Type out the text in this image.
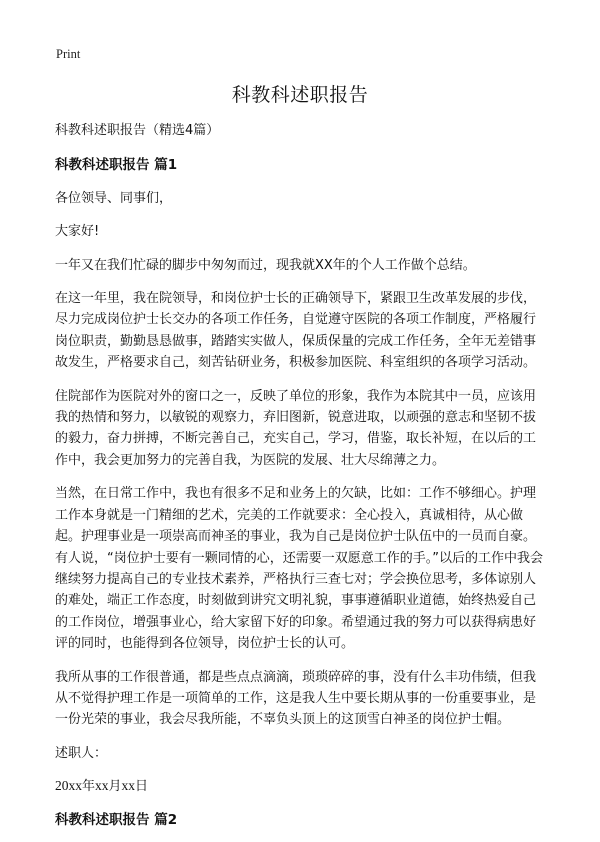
Print
科教科述职报告

科教科述职报告（精选4篇）

科教科述职报告 篇1

各位领导、同事们，

大家好!

一年又在我们忙碌的脚步中匆匆而过，现我就XX年的个人工作做个总结。

在这一年里，我在院领导，和岗位护士长的正确领导下，紧跟卫生改革发展的步伐，尽力完成岗位护士长交办的各项工作任务，自觉遵守医院的各项工作制度，严格履行岗位职责，勤勤恳恳做事，踏踏实实做人，保质保量的完成工作任务，全年无差错事故发生，严格要求自己，刻苦钻研业务，积极参加医院、科室组织的各项学习活动。

住院部作为医院对外的窗口之一，反映了单位的形象，我作为本院其中一员，应该用我的热情和努力，以敏锐的观察力，弃旧图新，锐意进取，以顽强的意志和坚韧不拔的毅力，奋力拼搏，不断完善自己，充实自己，学习，借鉴，取长补短，在以后的工作中，我会更加努力的完善自我，为医院的发展、壮大尽绵薄之力。

当然，在日常工作中，我也有很多不足和业务上的欠缺，比如：工作不够细心。护理工作本身就是一门精细的艺术，完美的工作就要求：全心投入，真诚相待，从心做起。护理事业是一项崇高而神圣的事业，我为自己是岗位护士队伍中的一员而自豪。有人说，“岗位护士要有一颗同情的心，还需要一双愿意工作的手。”以后的工作中我会继续努力提高自己的专业技术素养，严格执行三查七对；学会换位思考，多体谅别人的难处，端正工作态度，时刻做到讲究文明礼貌，事事遵循职业道德，始终热爱自己的工作岗位，增强事业心，给大家留下好的印象。希望通过我的努力可以获得病患好评的同时，也能得到各位领导，岗位护士长的认可。

我所从事的工作很普通，都是些点点滴滴，琐琐碎碎的事，没有什么丰功伟绩，但我从不觉得护理工作是一项简单的工作，这是我人生中要长期从事的一份重要事业，是一份光荣的事业，我会尽我所能，不辜负头顶上的这顶雪白神圣的岗位护士帽。

述职人：

20xx年xx月xx日

科教科述职报告 篇2
